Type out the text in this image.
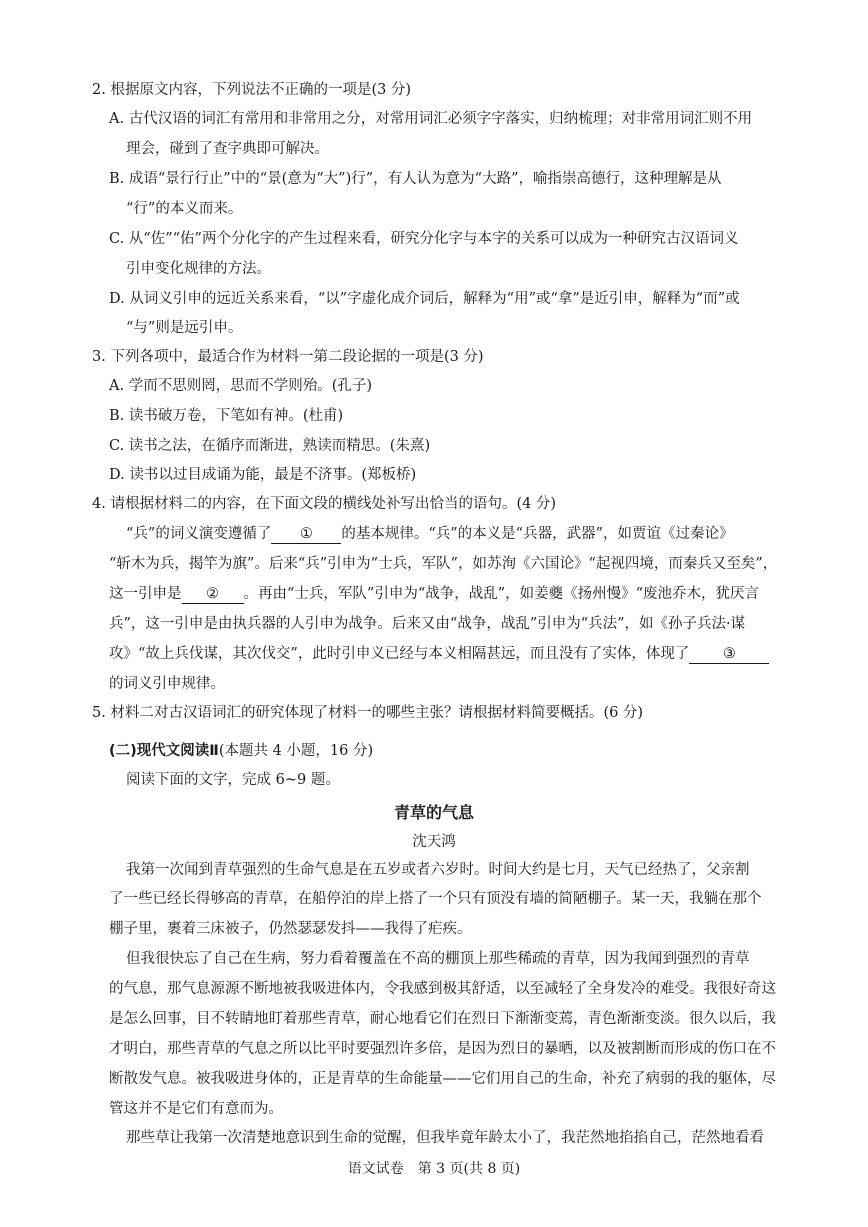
2. 根据原文内容，下列说法不正确的一项是(3 分)
A. 古代汉语的词汇有常用和非常用之分，对常用词汇必须字字落实，归纳梳理；对非常用词汇则不用
理会，碰到了查字典即可解决。
B. 成语“景行行止”中的“景(意为“大”)行”，有人认为意为“大路”，喻指崇高德行，这种理解是从
“行”的本义而来。
C. 从“佐”“佑”两个分化字的产生过程来看，研究分化字与本字的关系可以成为一种研究古汉语词义
引申变化规律的方法。
D. 从词义引申的远近关系来看，“以”字虚化成介词后，解释为“用”或“拿”是近引申，解释为“而”或
“与”则是远引申。
3. 下列各项中，最适合作为材料一第二段论据的一项是(3 分)
A. 学而不思则罔，思而不学则殆。(孔子)
B. 读书破万卷，下笔如有神。(杜甫)
C. 读书之法，在循序而渐进，熟读而精思。(朱熹)
D. 读书以过目成诵为能，最是不济事。(郑板桥)
4. 请根据材料二的内容，在下面文段的横线处补写出恰当的语句。(4 分)
“兵”的词义演变遵循了 ① 的基本规律。“兵”的本义是“兵器，武器”，如贾谊《过秦论》
“斩木为兵，揭竿为旗”。后来“兵”引申为“士兵，军队”，如苏洵《六国论》“起视四境，而秦兵又至矣”，
这一引申是 ② 。再由“士兵，军队”引申为“战争，战乱”，如姜夔《扬州慢》“废池乔木，犹厌言
兵”，这一引申是由执兵器的人引申为战争。后来又由“战争，战乱”引申为“兵法”，如《孙子兵法·谋
攻》“故上兵伐谋，其次伐交”，此时引申义已经与本义相隔甚远，而且没有了实体，体现了 ③
的词义引申规律。
5. 材料二对古汉语词汇的研究体现了材料一的哪些主张？请根据材料简要概括。(6 分)
(二)现代文阅读Ⅱ(本题共 4 小题，16 分)
阅读下面的文字，完成 6~9 题。
青草的气息
沈天鸿
我第一次闻到青草强烈的生命气息是在五岁或者六岁时。时间大约是七月，天气已经热了，父亲割
了一些已经长得够高的青草，在船停泊的岸上搭了一个只有顶没有墙的简陋棚子。某一天，我躺在那个
棚子里，裹着三床被子，仍然瑟瑟发抖——我得了疟疾。
但我很快忘了自己在生病，努力看着覆盖在不高的棚顶上那些稀疏的青草，因为我闻到强烈的青草
的气息，那气息源源不断地被我吸进体内，令我感到极其舒适，以至减轻了全身发冷的难受。我很好奇这
是怎么回事，目不转睛地盯着那些青草，耐心地看它们在烈日下渐渐变蔫，青色渐渐变淡。很久以后，我
才明白，那些青草的气息之所以比平时要强烈许多倍，是因为烈日的暴晒，以及被割断而形成的伤口在不
断散发气息。被我吸进身体的，正是青草的生命能量——它们用自己的生命，补充了病弱的我的躯体，尽
管这并不是它们有意而为。
那些草让我第一次清楚地意识到生命的觉醒，但我毕竟年龄太小了，我茫然地掐掐自己，茫然地看看
语文试卷　第 3 页(共 8 页)
